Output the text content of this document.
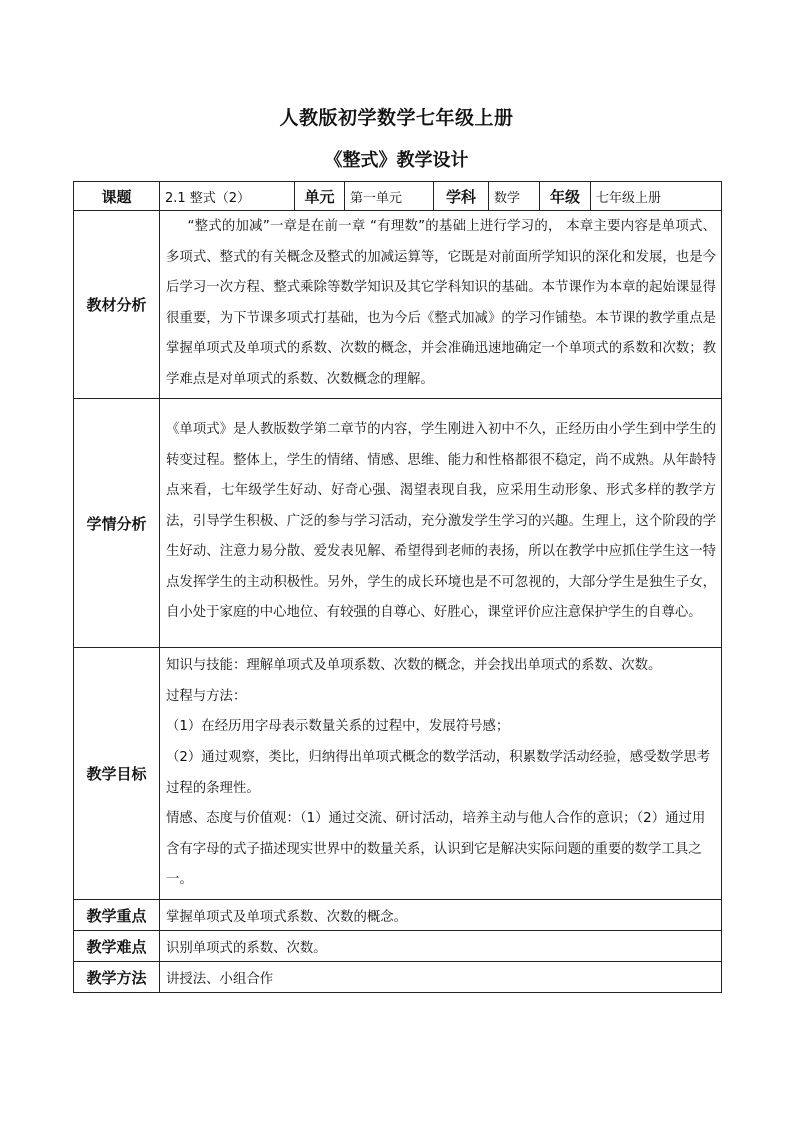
人教版初学数学七年级上册
《整式》教学设计
课题	2.1 整式（2）	单元	第一单元	学科	数学	年级	七年级上册
教材分析	“整式的加减”一章是在前一章 “有理数”的基础上进行学习的， 本章主要内容是单项式、多项式、整式的有关概念及整式的加减运算等，它既是对前面所学知识的深化和发展，也是今后学习一次方程、整式乘除等数学知识及其它学科知识的基础。本节课作为本章的起始课显得很重要，为下节课多项式打基础，也为今后《整式加减》的学习作铺垫。本节课的教学重点是掌握单项式及单项式的系数、次数的概念，并会准确迅速地确定一个单项式的系数和次数；教学难点是对单项式的系数、次数概念的理解。						

学情分析	《单项式》是人教版数学第二章节的内容，学生刚进入初中不久，正经历由小学生到中学生的转变过程。整体上，学生的情绪、情感、思维、能力和性格都很不稳定，尚不成熟。从年龄特点来看，七年级学生好动、好奇心强、渴望表现自我，应采用生动形象、形式多样的教学方法，引导学生积极、广泛的参与学习活动，充分激发学生学习的兴趣。生理上，这个阶段的学生好动、注意力易分散、爱发表见解、希望得到老师的表扬，所以在教学中应抓住学生这一特点发挥学生的主动积极性。另外，学生的成长环境也是不可忽视的，大部分学生是独生子女，自小处于家庭的中心地位、有较强的自尊心、好胜心，课堂评价应注意保护学生的自尊心。						

教学目标	知识与技能：理解单项式及单项系数、次数的概念，并会找出单项式的系数、次数。

过程与方法：

（1）在经历用字母表示数量关系的过程中，发展符号感；

（2）通过观察，类比，归纳得出单项式概念的数学活动，积累数学活动经验，感受数学思考过程的条理性。

情感、态度与价值观：（1）通过交流、研讨活动，培养主动与他人合作的意识；（2）通过用含有字母的式子描述现实世界中的数量关系，认识到它是解决实际问题的重要的数学工具之一。						

教学重点	掌握单项式及单项式系数、次数的概念。						
教学难点	识别单项式的系数、次数。						
教学方法	讲授法、小组合作						
